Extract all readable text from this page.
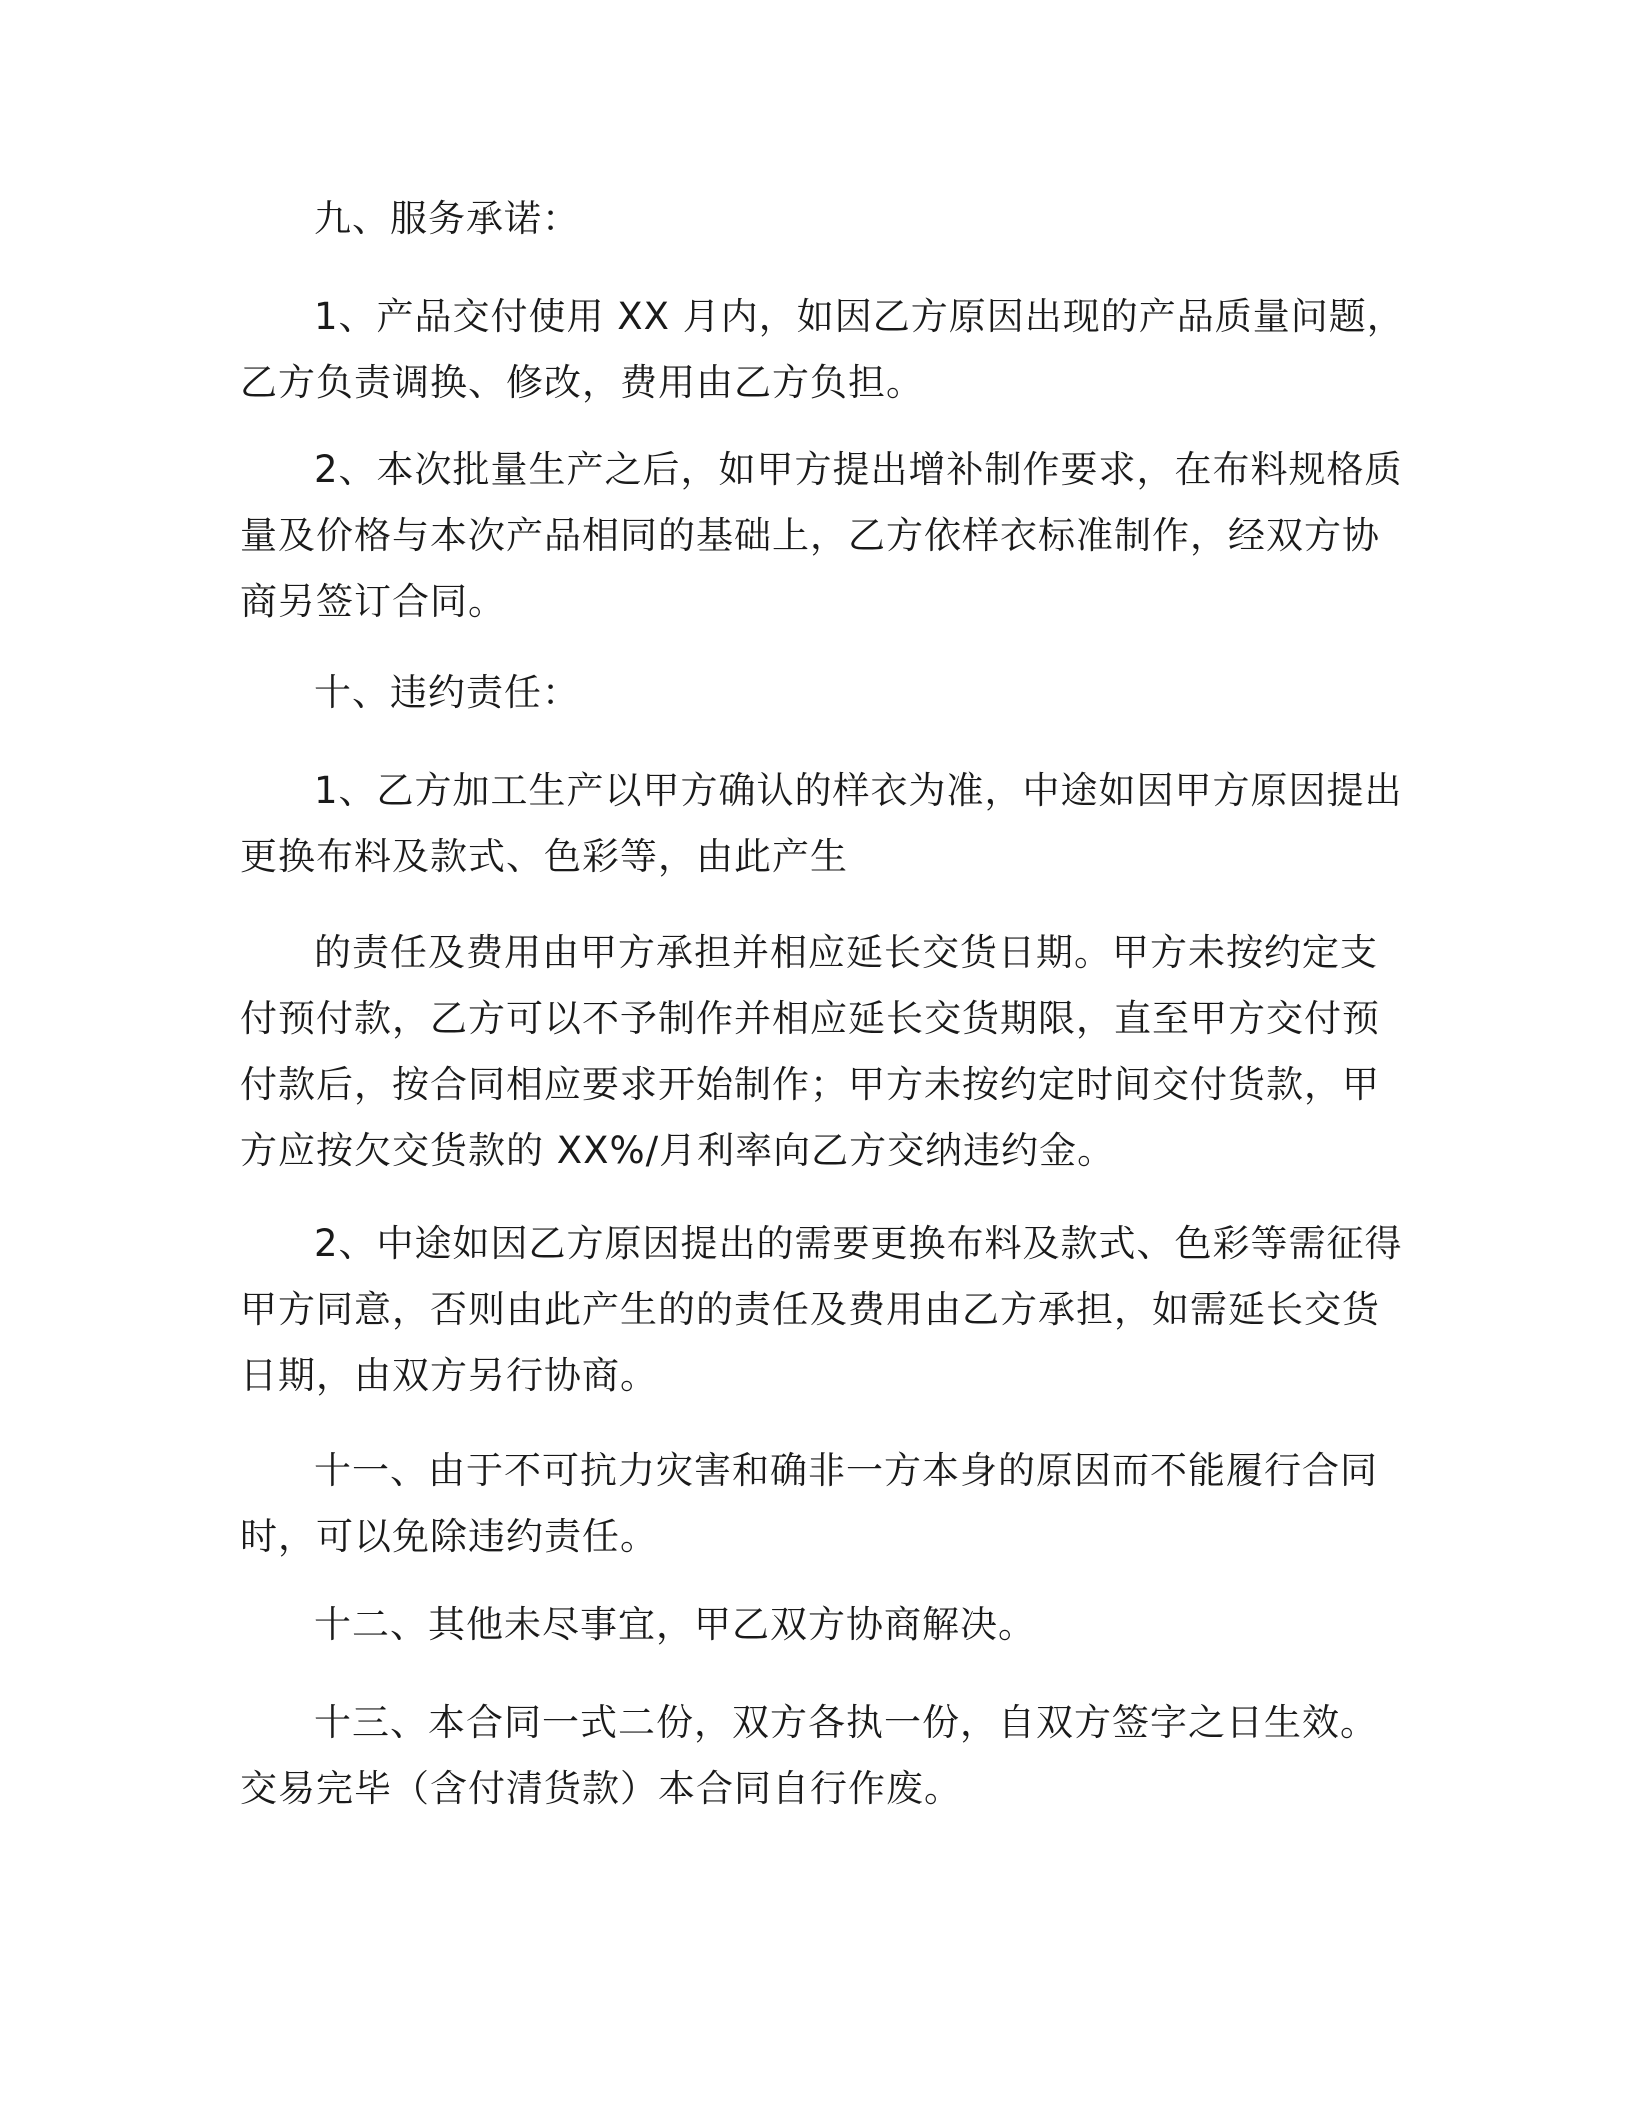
九、服务承诺：
1、产品交付使用 XX 月内，如因乙方原因出现的产品质量问题，
乙方负责调换、修改，费用由乙方负担。
2、本次批量生产之后，如甲方提出增补制作要求，在布料规格质
量及价格与本次产品相同的基础上，乙方依样衣标准制作，经双方协
商另签订合同。
十、违约责任：
1、乙方加工生产以甲方确认的样衣为准，中途如因甲方原因提出
更换布料及款式、色彩等，由此产生
的责任及费用由甲方承担并相应延长交货日期。甲方未按约定支
付预付款，乙方可以不予制作并相应延长交货期限，直至甲方交付预
付款后，按合同相应要求开始制作；甲方未按约定时间交付货款，甲
方应按欠交货款的 XX%/月利率向乙方交纳违约金。
2、中途如因乙方原因提出的需要更换布料及款式、色彩等需征得
甲方同意，否则由此产生的的责任及费用由乙方承担，如需延长交货
日期，由双方另行协商。
十一、由于不可抗力灾害和确非一方本身的原因而不能履行合同
时，可以免除违约责任。
十二、其他未尽事宜，甲乙双方协商解决。
十三、本合同一式二份，双方各执一份，自双方签字之日生效。
交易完毕（含付清货款）本合同自行作废。
